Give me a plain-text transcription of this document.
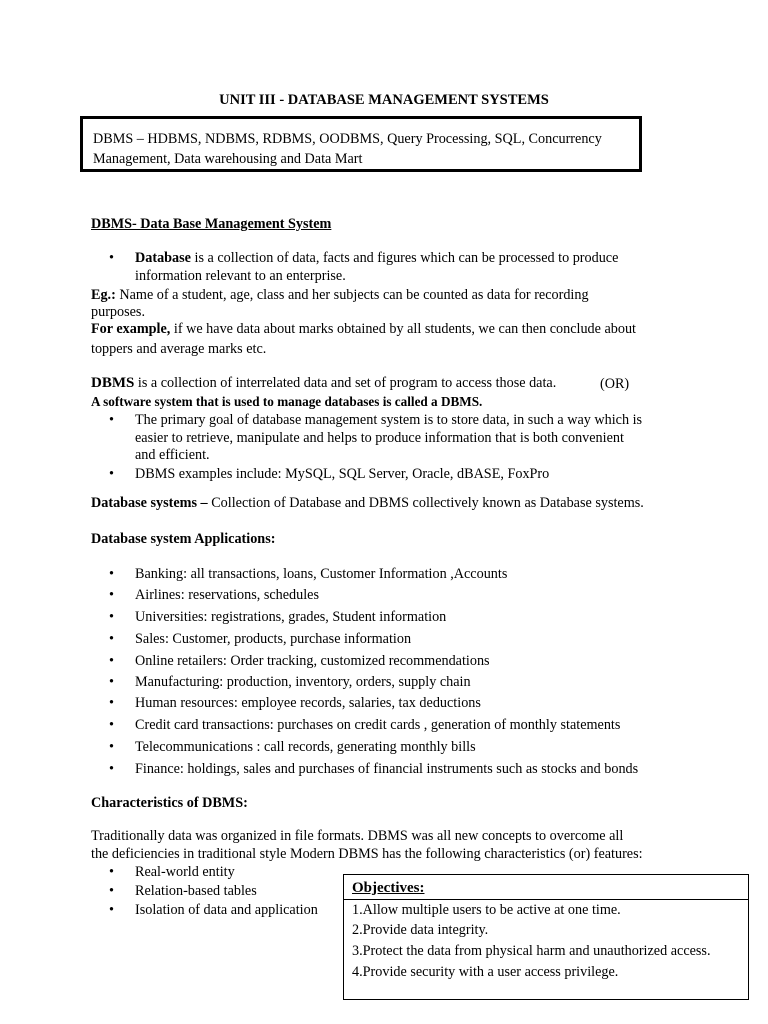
UNIT III - DATABASE MANAGEMENT SYSTEMS
DBMS – HDBMS, NDBMS, RDBMS, OODBMS, Query Processing, SQL, Concurrency
Management, Data warehousing and Data Mart
DBMS- Data Base Management System
• Database is a collection of data, facts and figures which can be processed to produce
information relevant to an enterprise.
Eg.: Name of a student, age, class and her subjects can be counted as data for recording
purposes.
For example, if we have data about marks obtained by all students, we can then conclude about
toppers and average marks etc.
DBMS is a collection of interrelated data and set of program to access those data.	(OR)
A software system that is used to manage databases is called a DBMS.
• The primary goal of database management system is to store data, in such a way which is
easier to retrieve, manipulate and helps to produce information that is both convenient
and efficient.
• DBMS examples include: MySQL, SQL Server, Oracle, dBASE, FoxPro
Database systems – Collection of Database and DBMS collectively known as Database systems.
Database system Applications:
• Banking: all transactions, loans, Customer Information ,Accounts
• Airlines: reservations, schedules
• Universities: registrations, grades, Student information
• Sales: Customer, products, purchase information
• Online retailers: Order tracking, customized recommendations
• Manufacturing: production, inventory, orders, supply chain
• Human resources: employee records, salaries, tax deductions
• Credit card transactions: purchases on credit cards , generation of monthly statements
• Telecommunications : call records, generating monthly bills
• Finance: holdings, sales and purchases of financial instruments such as stocks and bonds
Characteristics of DBMS:
Traditionally data was organized in file formats. DBMS was all new concepts to overcome all
the deficiencies in traditional style Modern DBMS has the following characteristics (or) features:
• Real-world entity
• Relation-based tables
• Isolation of data and application
Objectives:
1.Allow multiple users to be active at one time.
2.Provide data integrity.
3.Protect the data from physical harm and unauthorized access.
4.Provide security with a user access privilege.
